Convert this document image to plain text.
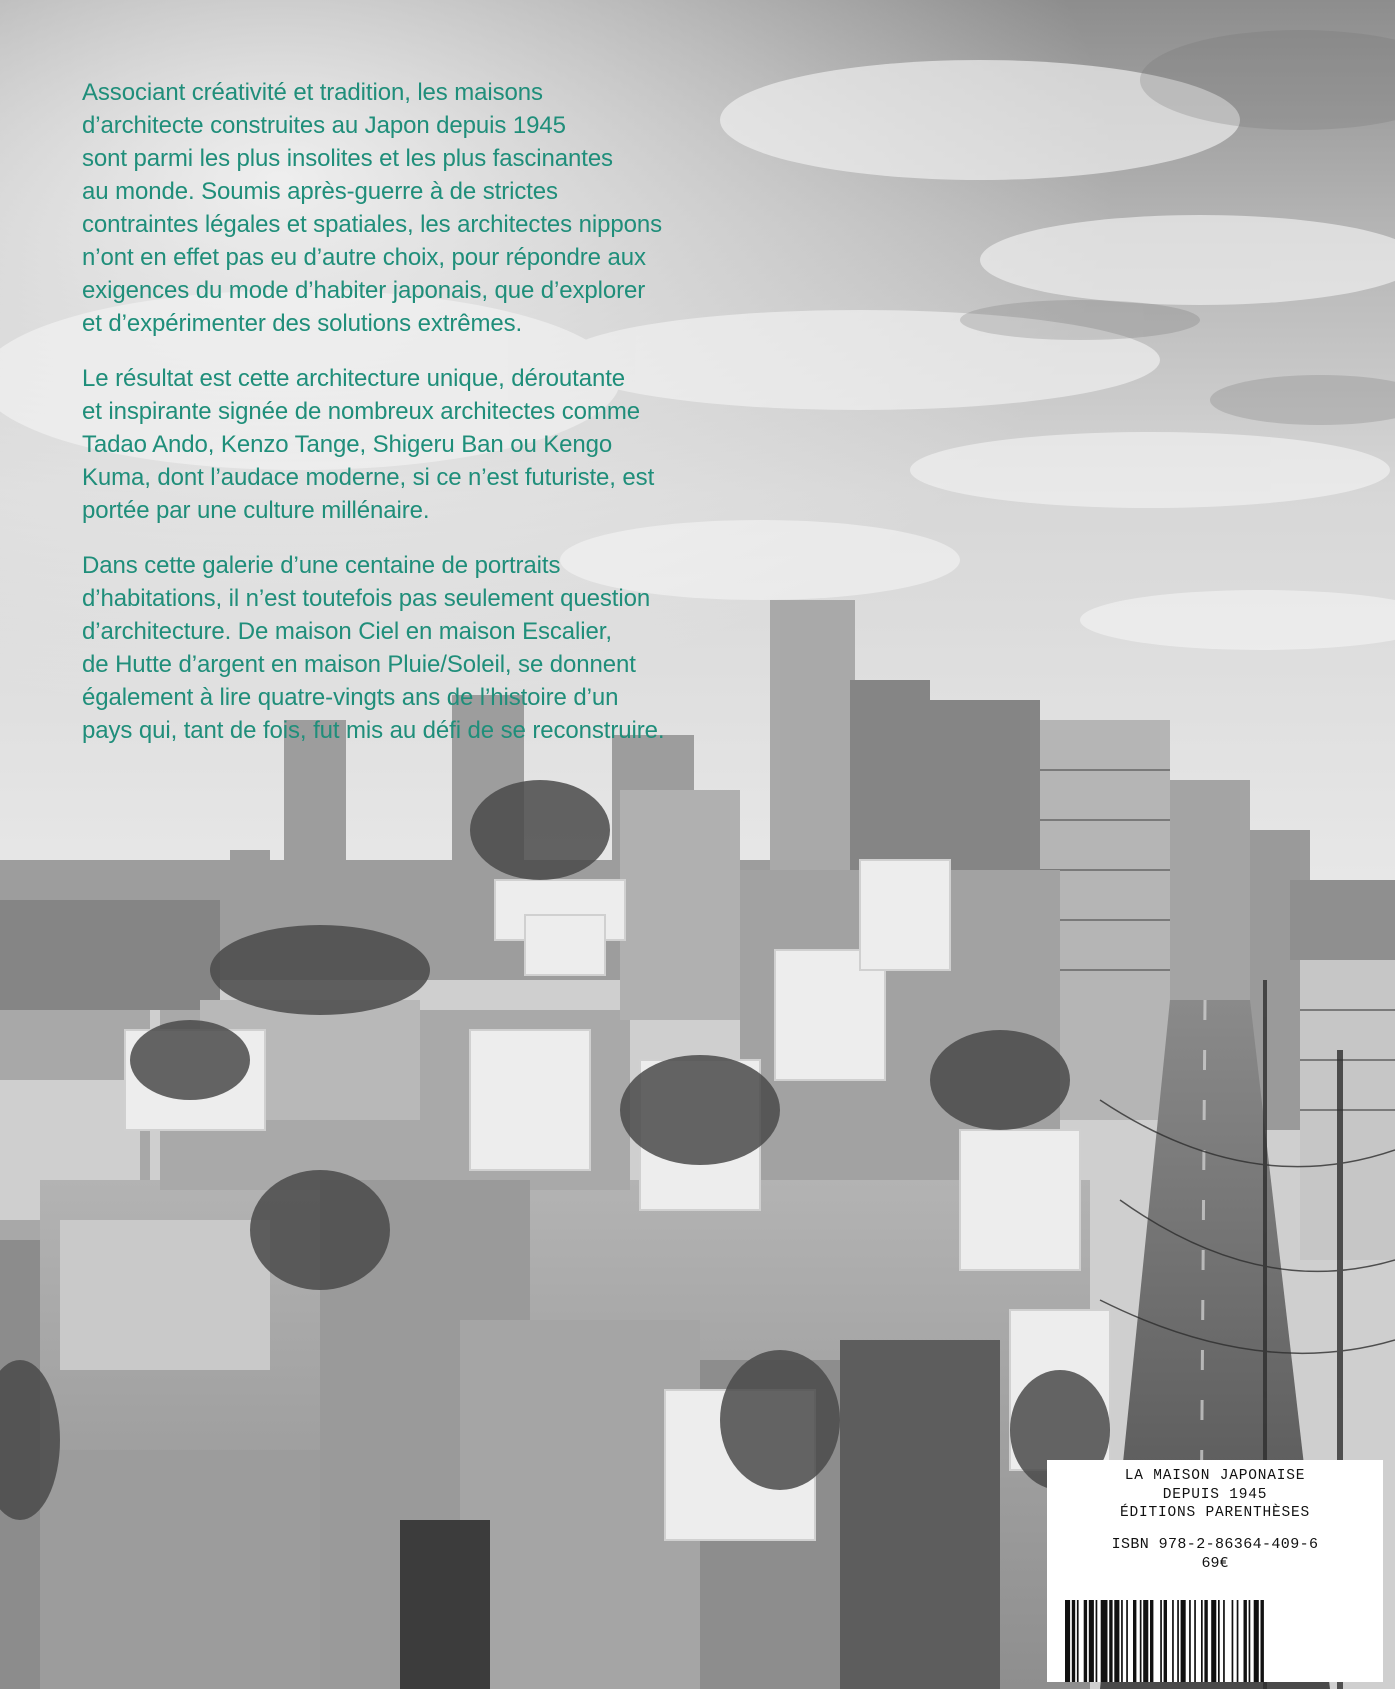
Associant créativité et tradition, les maisons
d’architecte construites au Japon depuis 1945
sont parmi les plus insolites et les plus fascinantes
au monde. Soumis après-guerre à de strictes
contraintes légales et spatiales, les architectes nippons
n’ont en effet pas eu d’autre choix, pour répondre aux
exigences du mode d’habiter japonais, que d’explorer
et d’expérimenter des solutions extrêmes.

Le résultat est cette architecture unique, déroutante
et inspirante signée de nombreux architectes comme
Tadao Ando, Kenzo Tange, Shigeru Ban ou Kengo
Kuma, dont l’audace moderne, si ce n’est futuriste, est
portée par une culture millénaire.

Dans cette galerie d’une centaine de portraits
d’habitations, il n’est toutefois pas seulement question
d’architecture. De maison Ciel en maison Escalier,
de Hutte d’argent en maison Pluie/Soleil, se donnent
également à lire quatre-vingts ans de l’histoire d’un
pays qui, tant de fois, fut mis au défi de se reconstruire.

LA MAISON JAPONAISE
DEPUIS 1945
ÉDITIONS PARENTHÈSES
ISBN 978-2-86364-409-6
69€
